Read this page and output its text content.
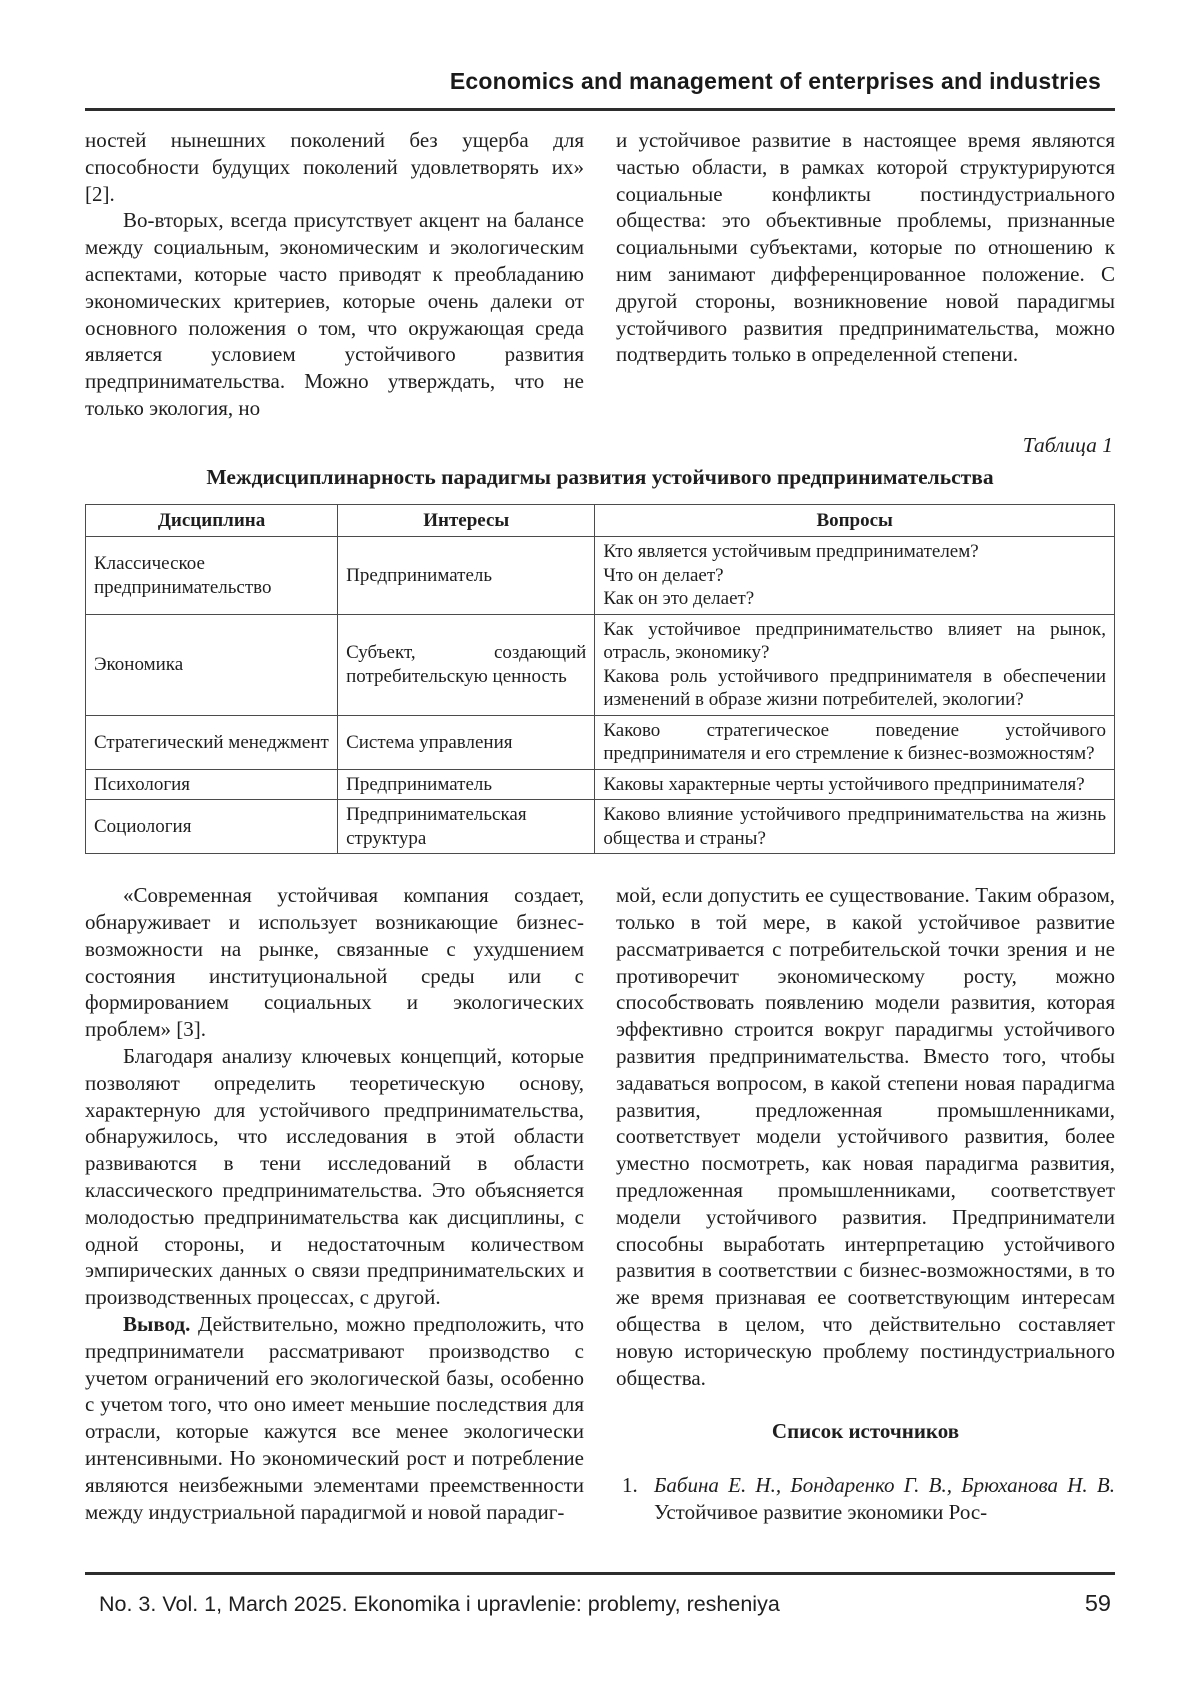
Economics and management of enterprises and industries

ностей нынешних поколений без ущерба для способности будущих поколений удовлетворять их» [2].

Во-вторых, всегда присутствует акцент на балансе между социальным, экономическим и экологическим аспектами, которые часто приводят к преобладанию экономических критериев, которые очень далеки от основного положения о том, что окружающая среда является условием устойчивого развития предпринимательства. Можно утверждать, что не только экология, но

и устойчивое развитие в настоящее время являются частью области, в рамках которой структурируются социальные конфликты постиндустриального общества: это объективные проблемы, признанные социальными субъектами, которые по отношению к ним занимают дифференцированное положение. С другой стороны, возникновение новой парадигмы устойчивого развития предпринимательства, можно подтвердить только в определенной степени.

Таблица 1
Междисциплинарность парадигмы развития устойчивого предпринимательства
Дисциплина	Интересы	Вопросы
Классическое предпринимательство	Предприниматель	Кто является устойчивым предпринимателем?
Что он делает?
Как он это делает?

Экономика	Субъект, создающий потребительскую ценность	Как устойчивое предпринимательство влияет на рынок, отрасль, экономику?
Какова роль устойчивого предпринимателя в обеспечении изменений в образе жизни потребителей, экологии?

Стратегический менеджмент	Система управления	Каково стратегическое поведение устойчивого предпринимателя и его стремление к бизнес-возможностям?

Психология	Предприниматель	Каковы характерные черты устойчивого предпринимателя?

Социология	Предпринимательская структура	Каково влияние устойчивого предпринимательства на жизнь общества и страны?

«Современная устойчивая компания создает, обнаруживает и использует возникающие бизнес-возможности на рынке, связанные с ухудшением состояния институциональной среды или с формированием социальных и экологических проблем» [3].

Благодаря анализу ключевых концепций, которые позволяют определить теоретическую основу, характерную для устойчивого предпринимательства, обнаружилось, что исследования в этой области развиваются в тени исследований в области классического предпринимательства. Это объясняется молодостью предпринимательства как дисциплины, с одной стороны, и недостаточным количеством эмпирических данных о связи предпринимательских и производственных процессах, с другой.

Вывод. Действительно, можно предположить, что предприниматели рассматривают производство с учетом ограничений его экологической базы, особенно с учетом того, что оно имеет меньшие последствия для отрасли, которые кажутся все менее экологически интенсивными. Но экономический рост и потребление являются неизбежными элементами преемственности между индустриальной парадигмой и новой парадиг-

мой, если допустить ее существование. Таким образом, только в той мере, в какой устойчивое развитие рассматривается с потребительской точки зрения и не противоречит экономическому росту, можно способствовать появлению модели развития, которая эффективно строится вокруг парадигмы устойчивого развития предпринимательства. Вместо того, чтобы задаваться вопросом, в какой степени новая парадигма развития, предложенная промышленниками, соответствует модели устойчивого развития, более уместно посмотреть, как новая парадигма развития, предложенная промышленниками, соответствует модели устойчивого развития. Предприниматели способны выработать интерпретацию устойчивого развития в соответствии с бизнес-возможностями, в то же время признавая ее соответствующим интересам общества в целом, что действительно составляет новую историческую проблему постиндустриального общества.

Список источников
1. Бабина Е. Н., Бондаренко Г. В., Брюханова Н. В. Устойчивое развитие экономики Рос-
No. 3. Vol. 1, March 2025. Ekonomika i upravlenie: problemy, resheniya	59
